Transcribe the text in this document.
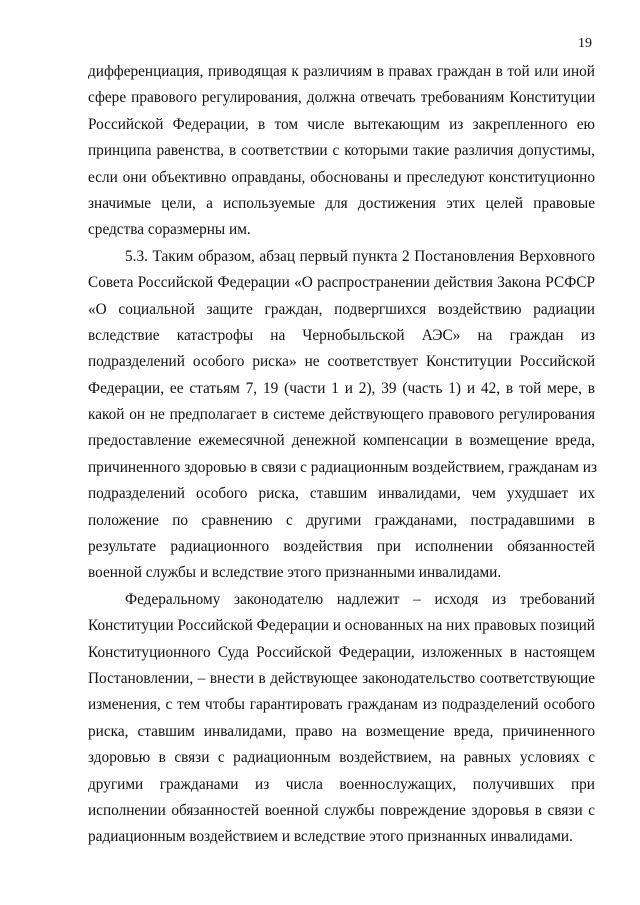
19
дифференциация, приводящая к различиям в правах граждан в той или иной
сфере правового регулирования, должна отвечать требованиям Конституции
Российской Федерации, в том числе вытекающим из закрепленного ею
принципа равенства, в соответствии с которыми такие различия допустимы,
если они объективно оправданы, обоснованы и преследуют конституционно
значимые цели, а используемые для достижения этих целей правовые
средства соразмерны им.
5.3. Таким образом, абзац первый пункта 2 Постановления Верховного
Совета Российской Федерации «О распространении действия Закона РСФСР
«О социальной защите граждан, подвергшихся воздействию радиации
вследствие катастрофы на Чернобыльской АЭС» на граждан из
подразделений особого риска» не соответствует Конституции Российской
Федерации, ее статьям 7, 19 (части 1 и 2), 39 (часть 1) и 42, в той мере, в
какой он не предполагает в системе действующего правового регулирования
предоставление ежемесячной денежной компенсации в возмещение вреда,
причиненного здоровью в связи с радиационным воздействием, гражданам из
подразделений особого риска, ставшим инвалидами, чем ухудшает их
положение по сравнению с другими гражданами, пострадавшими в
результате радиационного воздействия при исполнении обязанностей
военной службы и вследствие этого признанными инвалидами.
Федеральному законодателю надлежит – исходя из требований
Конституции Российской Федерации и основанных на них правовых позиций
Конституционного Суда Российской Федерации, изложенных в настоящем
Постановлении, – внести в действующее законодательство соответствующие
изменения, с тем чтобы гарантировать гражданам из подразделений особого
риска, ставшим инвалидами, право на возмещение вреда, причиненного
здоровью в связи с радиационным воздействием, на равных условиях с
другими гражданами из числа военнослужащих, получивших при
исполнении обязанностей военной службы повреждение здоровья в связи с
радиационным воздействием и вследствие этого признанных инвалидами.
